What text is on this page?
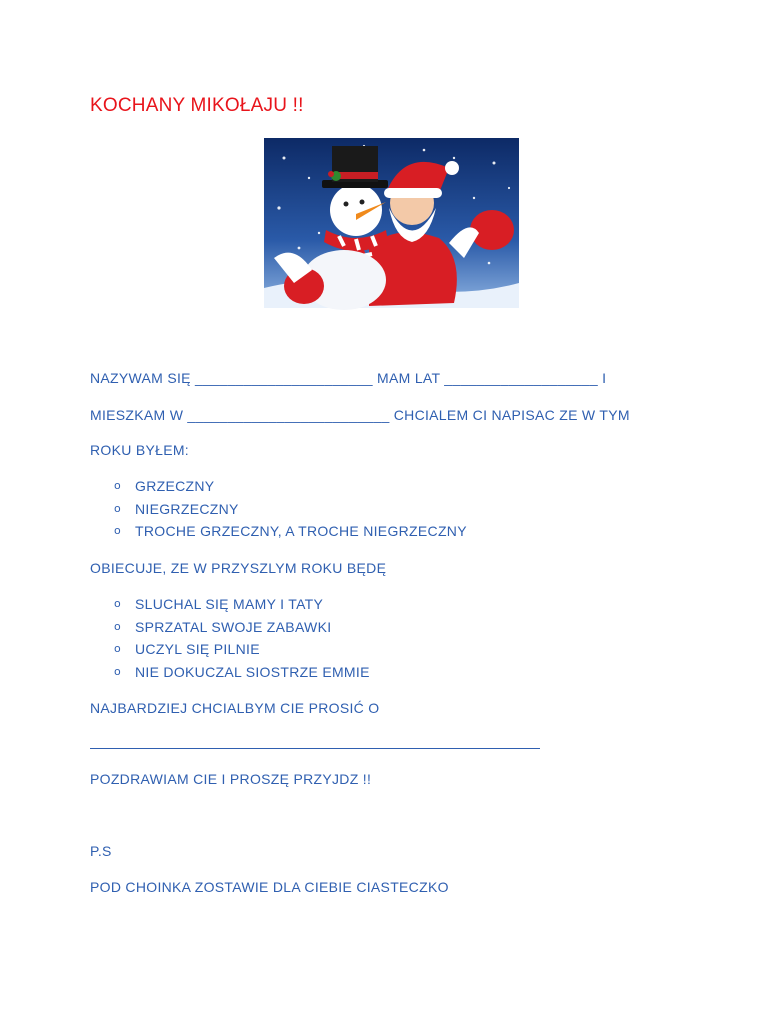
KOCHANY MIKOŁAJU !!
NAZYWAM SIĘ ______________________ MAM LAT ___________________ I
MIESZKAM W _________________________ CHCIALEM CI NAPISAC ZE W TYM
ROKU BYŁEM:
o GRZECZNY
o NIEGRZECZNY
o TROCHE GRZECZNY, A TROCHE NIEGRZECZNY
OBIECUJE, ZE W PRZYSZLYM ROKU BĘDĘ
o SLUCHAL SIĘ MAMY I TATY
o SPRZATAL SWOJE ZABAWKI
o UCZYL SIĘ PILNIE
o NIE DOKUCZAL SIOSTRZE EMMIE
NAJBARDZIEJ CHCIALBYM CIE PROSIĆ O
POZDRAWIAM CIE I PROSZĘ PRZYJDZ !!
P.S
POD CHOINKA ZOSTAWIE DLA CIEBIE CIASTECZKO
